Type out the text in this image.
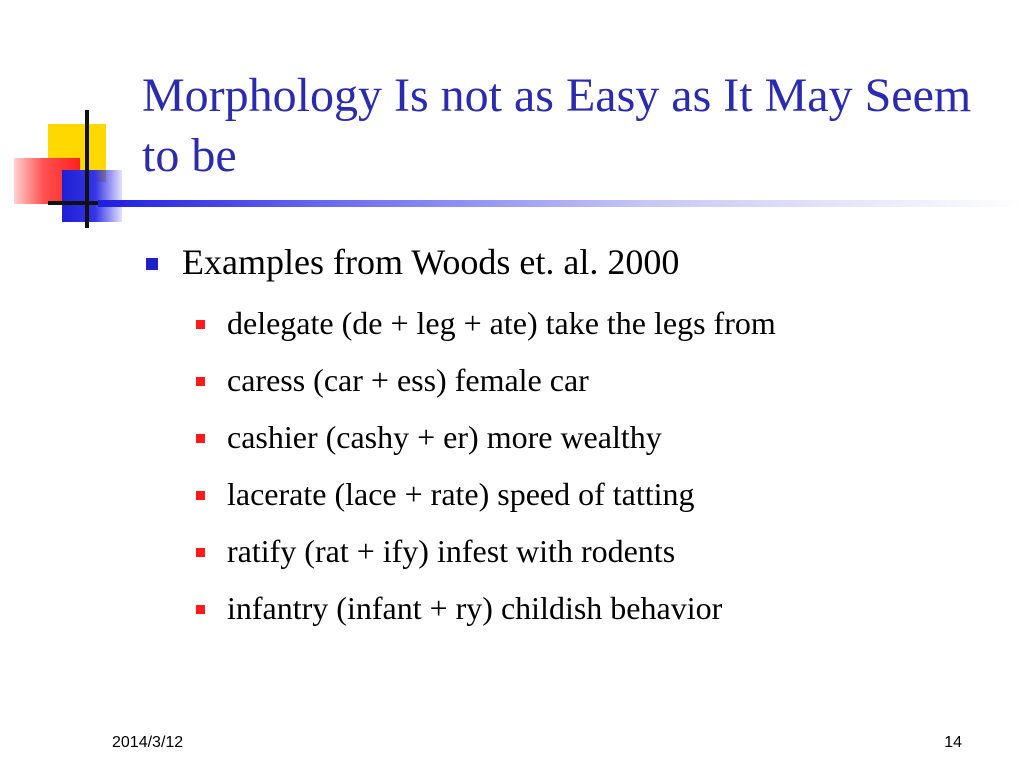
Morphology Is not as Easy as It May Seem to be
Examples from Woods et. al. 2000
delegate (de + leg + ate) take the legs from
caress (car + ess) female car
cashier (cashy + er) more wealthy
lacerate (lace + rate) speed of tatting
ratify (rat + ify) infest with rodents
infantry (infant + ry) childish behavior
2014/3/12	14
